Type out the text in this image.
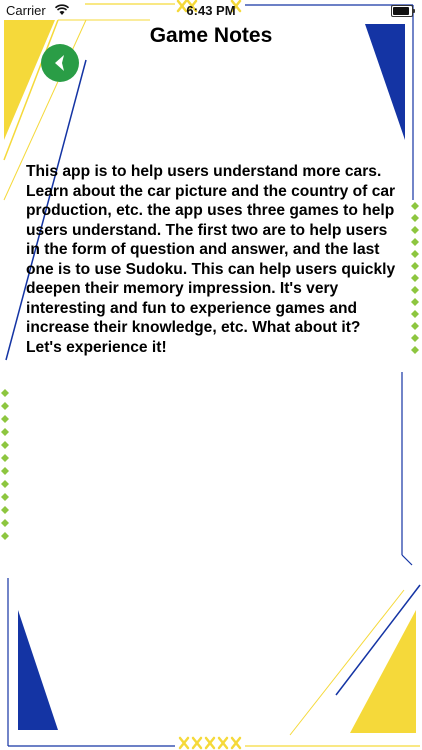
Carrier	6:43 PM
Game Notes

This app is to help users understand more cars. Learn about the car picture and the country of car production, etc. the app uses three games to help users understand. The first two are to help users in the form of question and answer, and the last one is to use Sudoku. This can help users quickly deepen their memory impression. It's very interesting and fun to experience games and increase their knowledge, etc. What about it? Let's experience it!
